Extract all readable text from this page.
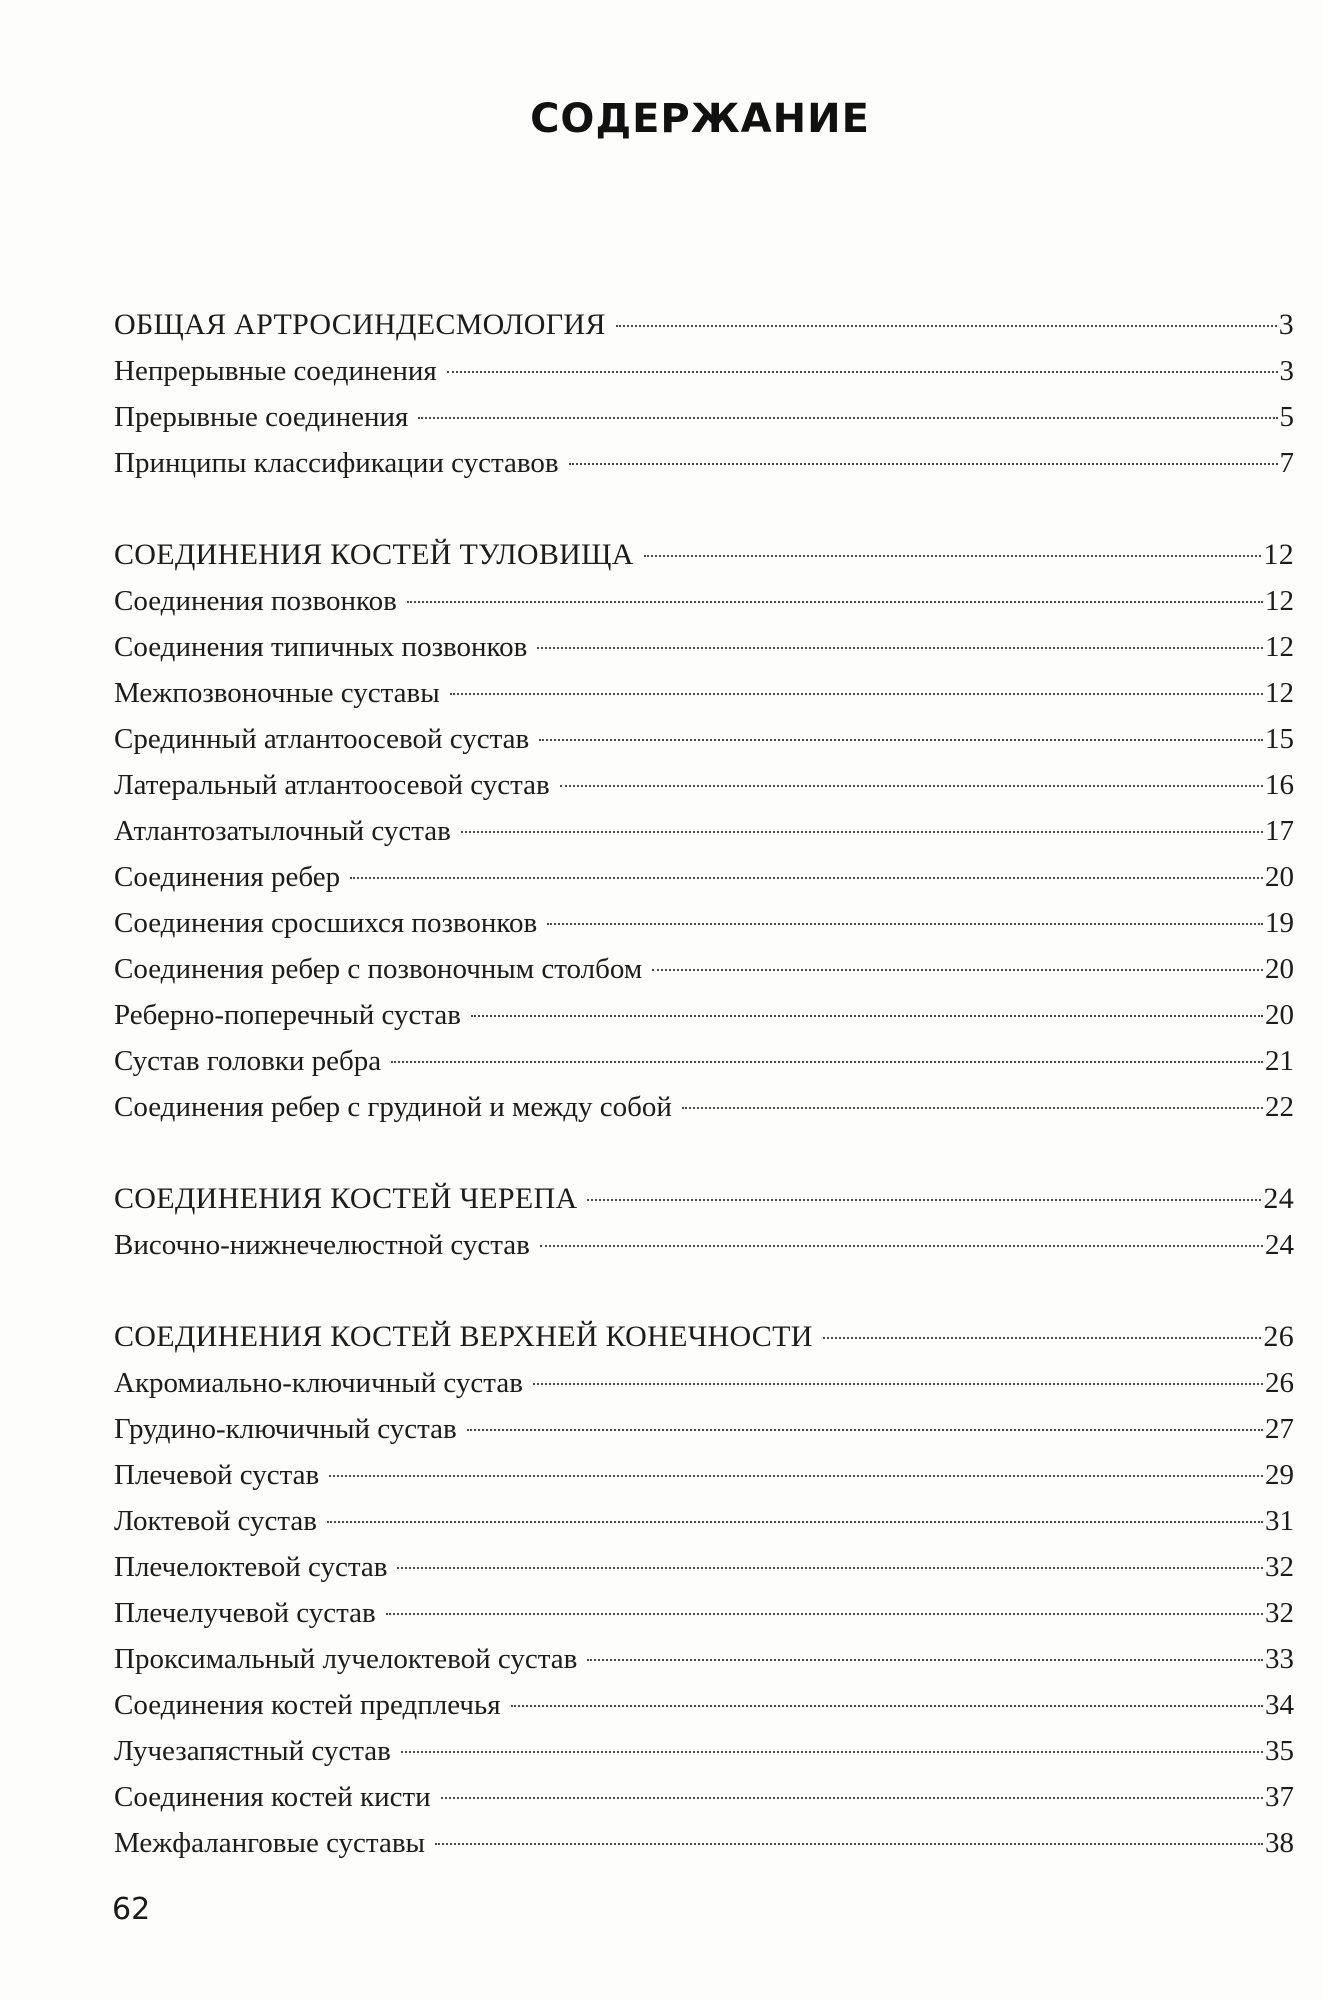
СОДЕРЖАНИЕ
ОБЩАЯ АРТРОСИНДЕСМОЛОГИЯ	3
Непрерывные соединения	3
Прерывные соединения	5
Принципы классификации суставов	7
СОЕДИНЕНИЯ КОСТЕЙ ТУЛОВИЩА	12
Соединения позвонков	12
Соединения типичных позвонков	12
Межпозвоночные суставы	12
Срединный атлантоосевой сустав	15
Латеральный атлантоосевой сустав	16
Атлантозатылочный сустав	17
Соединения ребер	20
Соединения сросшихся позвонков	19
Соединения ребер с позвоночным столбом	20
Реберно-поперечный сустав	20
Сустав головки ребра	21
Соединения ребер с грудиной и между собой	22
СОЕДИНЕНИЯ КОСТЕЙ ЧЕРЕПА	24
Височно-нижнечелюстной сустав	24
СОЕДИНЕНИЯ КОСТЕЙ ВЕРХНЕЙ КОНЕЧНОСТИ	26
Акромиально-ключичный сустав	26
Грудино-ключичный сустав	27
Плечевой сустав	29
Локтевой сустав	31
Плечелоктевой сустав	32
Плечелучевой сустав	32
Проксимальный лучелоктевой сустав	33
Соединения костей предплечья	34
Лучезапястный сустав	35
Соединения костей кисти	37
Межфаланговые суставы	38
62
